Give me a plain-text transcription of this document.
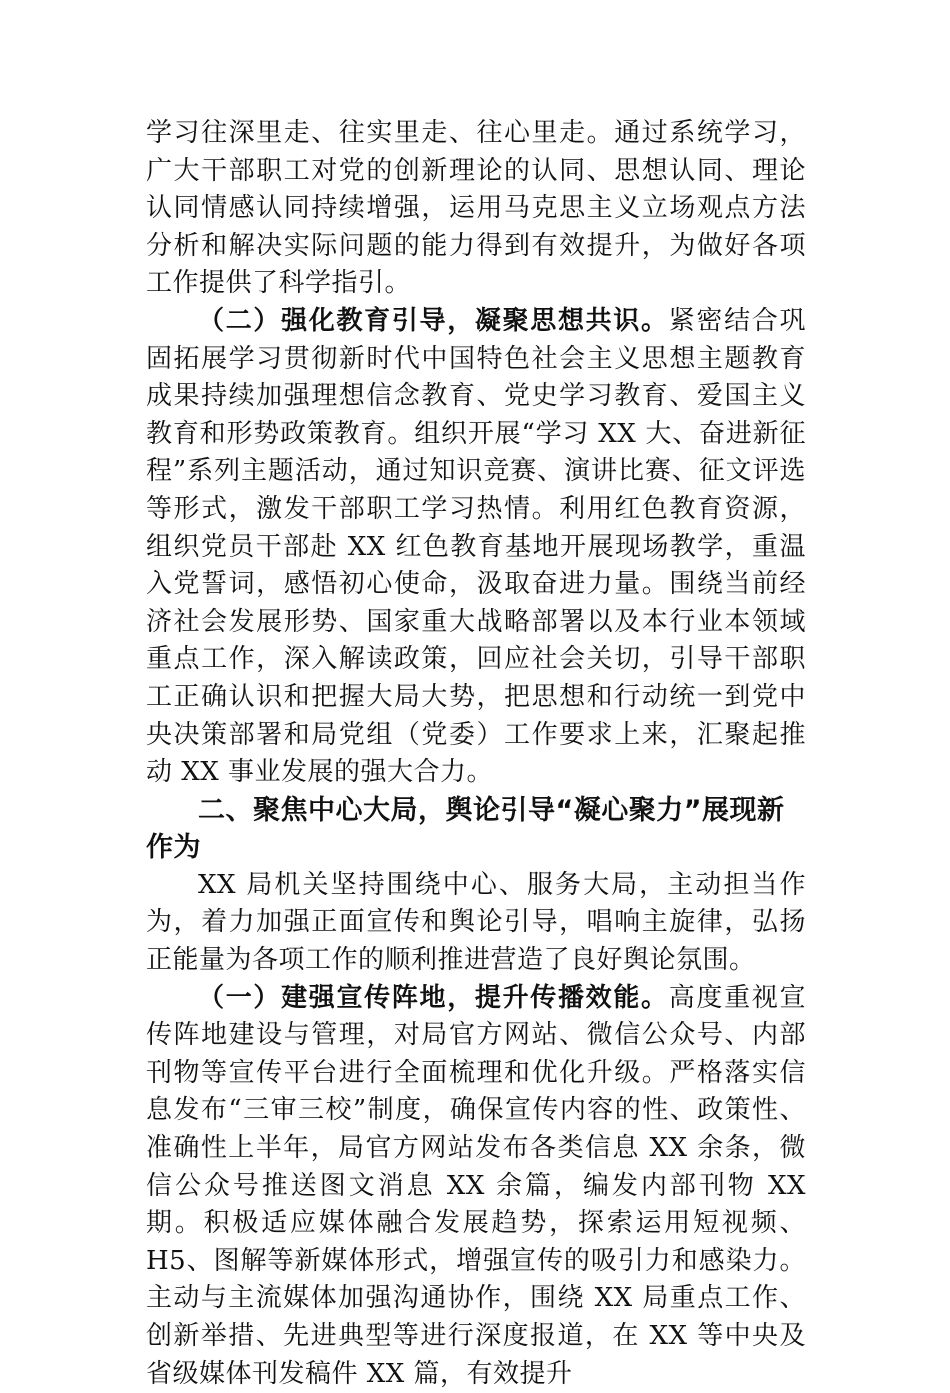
学习往深里走、往实里走、往心里走。通过系统学习，广大干部职工对党的创新理论的认同、思想认同、理论认同情感认同持续增强，运用马克思主义立场观点方法分析和解决实际问题的能力得到有效提升，为做好各项工作提供了科学指引。

（二）强化教育引导，凝聚思想共识。紧密结合巩固拓展学习贯彻新时代中国特色社会主义思想主题教育成果持续加强理想信念教育、党史学习教育、爱国主义教育和形势政策教育。组织开展“学习 XX 大、奋进新征程”系列主题活动，通过知识竞赛、演讲比赛、征文评选等形式，激发干部职工学习热情。利用红色教育资源，组织党员干部赴 XX 红色教育基地开展现场教学，重温入党誓词，感悟初心使命，汲取奋进力量。围绕当前经济社会发展形势、国家重大战略部署以及本行业本领域重点工作，深入解读政策，回应社会关切，引导干部职工正确认识和把握大局大势，把思想和行动统一到党中央决策部署和局党组（党委）工作要求上来，汇聚起推动 XX 事业发展的强大合力。

二、聚焦中心大局，舆论引导“凝心聚力”展现新作为

XX 局机关坚持围绕中心、服务大局，主动担当作为，着力加强正面宣传和舆论引导，唱响主旋律，弘扬正能量为各项工作的顺利推进营造了良好舆论氛围。

（一）建强宣传阵地，提升传播效能。高度重视宣传阵地建设与管理，对局官方网站、微信公众号、内部刊物等宣传平台进行全面梳理和优化升级。严格落实信息发布“三审三校”制度，确保宣传内容的性、政策性、准确性上半年，局官方网站发布各类信息 XX 余条，微信公众号推送图文消息 XX 余篇，编发内部刊物 XX 期。积极适应媒体融合发展趋势，探索运用短视频、H5、图解等新媒体形式，增强宣传的吸引力和感染力。主动与主流媒体加强沟通协作，围绕 XX 局重点工作、创新举措、先进典型等进行深度报道，在 XX 等中央及省级媒体刊发稿件 XX 篇，有效提升
